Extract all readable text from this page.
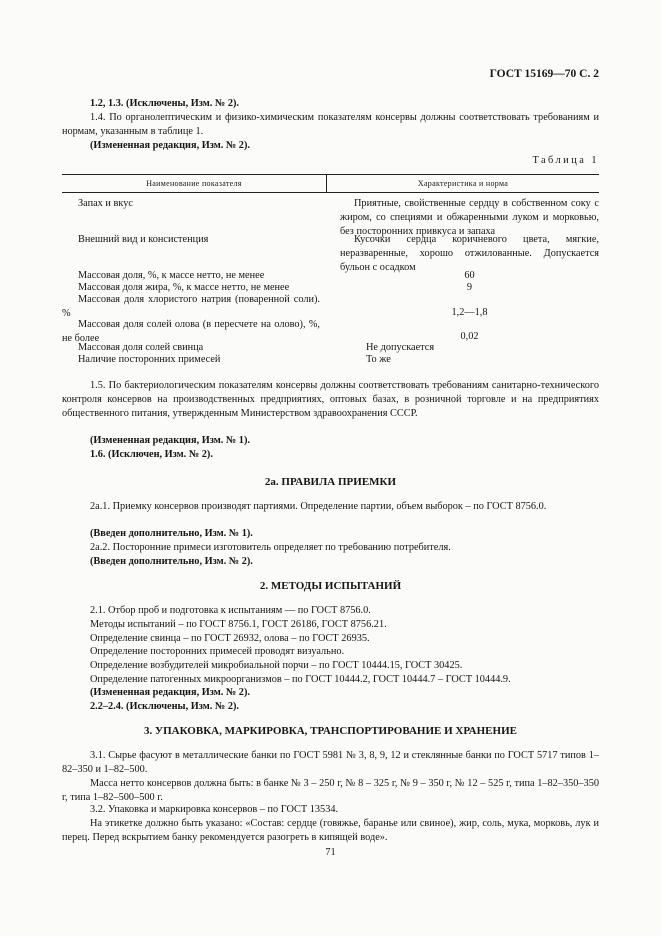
ГОСТ 15169—70 С. 2
1.2, 1.3. (Исключены, Изм. № 2).
1.4. По органолептическим и физико-химическим показателям консервы должны соответствовать требованиям и нормам, указанным в таблице 1.
(Измененная редакция, Изм. № 2).
Таблица 1
Наименование показателя	Характеристика и норма
Запах и вкус	Приятные, свойственные сердцу в собственном соку с жиром, со специями и обжаренными луком и морковью, без посторонних привкуса и запаха
Внешний вид и консистенция	Кусочки сердца коричневого цвета, мягкие, неразваренные, хорошо отжилованные. Допускается бульон с осадком
Массовая доля, %, к массе нетто, не менее	60
Массовая доля жира, %, к массе нетто, не менее	9
Массовая доля хлористого натрия (поваренной соли). %	1,2—1,8
Массовая доля солей олова (в пересчете на олово), %, не более	0,02
Массовая доля солей свинца	Не допускается
Наличие посторонних примесей	То же
1.5. По бактериологическим показателям консервы должны соответствовать требованиям санитарно-технического контроля консервов на производственных предприятиях, оптовых базах, в розничной торговле и на предприятиях общественного питания, утвержденным Министерством здравоохранения СССР.
(Измененная редакция, Изм. № 1).
1.6. (Исключен, Изм. № 2).
2а. ПРАВИЛА ПРИЕМКИ
2а.1. Приемку консервов производят партиями. Определение партии, объем выборок – по ГОСТ 8756.0.
(Введен дополнительно, Изм. № 1).
2а.2. Посторонние примеси изготовитель определяет по требованию потребителя.
(Введен дополнительно, Изм. № 2).
2. МЕТОДЫ ИСПЫТАНИЙ
2.1. Отбор проб и подготовка к испытаниям — по ГОСТ 8756.0.
Методы испытаний – по ГОСТ 8756.1, ГОСТ 26186, ГОСТ 8756.21.
Определение свинца – по ГОСТ 26932, олова – по ГОСТ 26935.
Определение посторонних примесей проводят визуально.
Определение возбудителей микробиальной порчи – по ГОСТ 10444.15, ГОСТ 30425.
Определение патогенных микроорганизмов – по ГОСТ 10444.2, ГОСТ 10444.7 – ГОСТ 10444.9.
(Измененная редакция, Изм. № 2).
2.2–2.4. (Исключены, Изм. № 2).
3. УПАКОВКА, МАРКИРОВКА, ТРАНСПОРТИРОВАНИЕ И ХРАНЕНИЕ
3.1. Сырье фасуют в металлические банки по ГОСТ 5981 № 3, 8, 9, 12 и стеклянные банки по ГОСТ 5717 типов 1–82–350 и 1–82–500.
Масса нетто консервов должна быть: в банке № 3 – 250 г, № 8 – 325 г, № 9 – 350 г, № 12 – 525 г, типа 1–82–350–350 г, типа 1–82–500–500 г.
3.2. Упаковка и маркировка консервов – по ГОСТ 13534.
На этикетке должно быть указано: «Состав: сердце (говяжье, баранье или свиное), жир, соль, мука, морковь, лук и перец. Перед вскрытием банку рекомендуется разогреть в кипящей воде».
71
